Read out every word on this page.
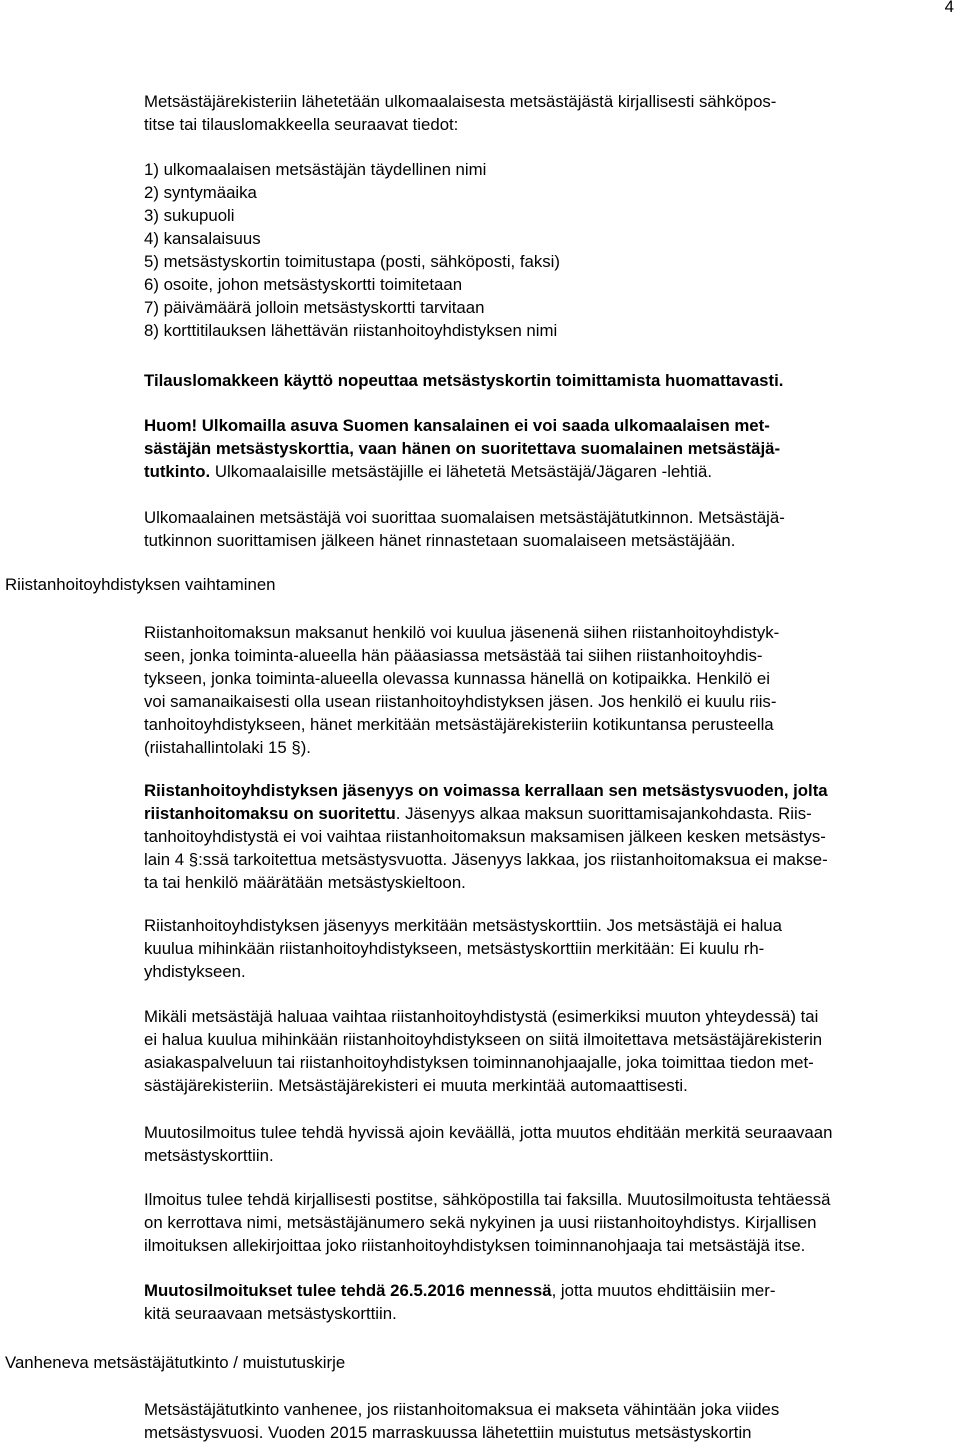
4
Metsästäjärekisteriin lähetetään ulkomaalaisesta metsästäjästä kirjallisesti sähköpos-
titse tai tilauslomakkeella seuraavat tiedot:
1) ulkomaalaisen metsästäjän täydellinen nimi
2) syntymäaika
3) sukupuoli
4) kansalaisuus
5) metsästyskortin toimitustapa (posti, sähköposti, faksi)
6) osoite, johon metsästyskortti toimitetaan
7) päivämäärä jolloin metsästyskortti tarvitaan
8) korttitilauksen lähettävän riistanhoitoyhdistyksen nimi
Tilauslomakkeen käyttö nopeuttaa metsästyskortin toimittamista huomattavasti.
Huom! Ulkomailla asuva Suomen kansalainen ei voi saada ulkomaalaisen met-
sästäjän metsästyskorttia, vaan hänen on suoritettava suomalainen metsästäjä-
tutkinto. Ulkomaalaisille metsästäjille ei lähetetä Metsästäjä/Jägaren -lehtiä.
Ulkomaalainen metsästäjä voi suorittaa suomalaisen metsästäjätutkinnon. Metsästäjä-
tutkinnon suorittamisen jälkeen hänet rinnastetaan suomalaiseen metsästäjään.
Riistanhoitoyhdistyksen vaihtaminen
Riistanhoitomaksun maksanut henkilö voi kuulua jäsenenä siihen riistanhoitoyhdistyk-
seen, jonka toiminta-alueella hän pääasiassa metsästää tai siihen riistanhoitoyhdis-
tykseen, jonka toiminta-alueella olevassa kunnassa hänellä on kotipaikka. Henkilö ei
voi samanaikaisesti olla usean riistanhoitoyhdistyksen jäsen. Jos henkilö ei kuulu riis-
tanhoitoyhdistykseen, hänet merkitään metsästäjärekisteriin kotikuntansa perusteella
(riistahallintolaki 15 §).
Riistanhoitoyhdistyksen jäsenyys on voimassa kerrallaan sen metsästysvuoden, jolta
riistanhoitomaksu on suoritettu. Jäsenyys alkaa maksun suorittamisajankohdasta. Riis-
tanhoitoyhdistystä ei voi vaihtaa riistanhoitomaksun maksamisen jälkeen kesken metsästys-
lain 4 §:ssä tarkoitettua metsästysvuotta. Jäsenyys lakkaa, jos riistanhoitomaksua ei makse-
ta tai henkilö määrätään metsästyskieltoon.
Riistanhoitoyhdistyksen jäsenyys merkitään metsästyskorttiin. Jos metsästäjä ei halua
kuulua mihinkään riistanhoitoyhdistykseen, metsästyskorttiin merkitään: Ei kuulu rh-
yhdistykseen.
Mikäli metsästäjä haluaa vaihtaa riistanhoitoyhdistystä (esimerkiksi muuton yhteydessä) tai
ei halua kuulua mihinkään riistanhoitoyhdistykseen on siitä ilmoitettava metsästäjärekisterin
asiakaspalveluun tai riistanhoitoyhdistyksen toiminnanohjaajalle, joka toimittaa tiedon met-
sästäjärekisteriin. Metsästäjärekisteri ei muuta merkintää automaattisesti.
Muutosilmoitus tulee tehdä hyvissä ajoin keväällä, jotta muutos ehditään merkitä seuraavaan
metsästyskorttiin.
Ilmoitus tulee tehdä kirjallisesti postitse, sähköpostilla tai faksilla. Muutosilmoitusta tehtäessä
on kerrottava nimi, metsästäjänumero sekä nykyinen ja uusi riistanhoitoyhdistys. Kirjallisen
ilmoituksen allekirjoittaa joko riistanhoitoyhdistyksen toiminnanohjaaja tai metsästäjä itse.
Muutosilmoitukset tulee tehdä 26.5.2016 mennessä, jotta muutos ehdittäisiin mer-
kitä seuraavaan metsästyskorttiin.
Vanheneva metsästäjätutkinto / muistutuskirje
Metsästäjätutkinto vanhenee, jos riistanhoitomaksua ei makseta vähintään joka viides
metsästysvuosi. Vuoden 2015 marraskuussa lähetettiin muistutus metsästyskortin
